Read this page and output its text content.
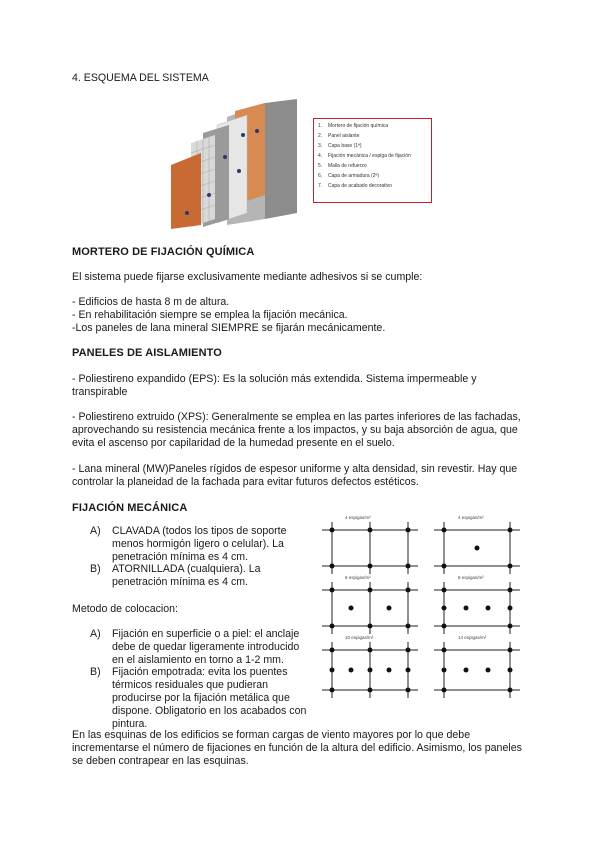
4. ESQUEMA DEL SISTEMA
1.	Mortero de fijación química
2.	Panel aislante
3.	Capa base (1ª)
4.	Fijación mecánica / espiga de fijación
5.	Malla de refuerzo
6.	Capa de armadura (2ª)
7.	Capa de acabado decorativo
MORTERO DE FIJACIÓN QUÍMICA
El sistema puede fijarse exclusivamente mediante adhesivos si se cumple:
- Edificios de hasta 8 m de altura.
- En rehabilitación siempre se emplea la fijación mecánica.
-Los paneles de lana mineral SIEMPRE se fijarán mecánicamente.
PANELES DE AISLAMIENTO
- Poliestireno expandido (EPS): Es la solución más extendida. Sistema impermeable y transpirable
- Poliestireno extruido (XPS): Generalmente se emplea en las partes inferiores de las fachadas, aprovechando su resistencia mecánica frente a los impactos, y su baja absorción de agua, que evita el ascenso por capilaridad de la humedad presente en el suelo.
- Lana mineral (MW)Paneles rígidos de espesor uniforme y alta densidad, sin revestir. Hay que controlar la planeidad de la fachada para evitar futuros defectos estéticos.
FIJACIÓN MECÁNICA
A)	CLAVADA (todos los tipos de soporte menos hormigón ligero o celular). La penetración mínima es 4 cm.
B)	ATORNILLADA (cualquiera). La penetración mínima es 4 cm.
Metodo de colocacion:
A)	Fijación en superficie o a piel: el anclaje debe de quedar ligeramente introducido en el aislamiento en torno a 1-2 mm.
B)	Fijación empotrada: evita los puentes térmicos residuales que pudieran producirse por la fijación metálica que dispone. Obligatorio en los acabados con pintura.
4 espigas/m²	4 espigas/m²
6 espigas/m²	8 espigas/m²
10 espigas/m²	14 espigas/m²
En las esquinas de los edificios se forman cargas de viento mayores por lo que debe incrementarse el número de fijaciones en función de la altura del edificio. Asimismo, los paneles se deben contrapear en las esquinas.
